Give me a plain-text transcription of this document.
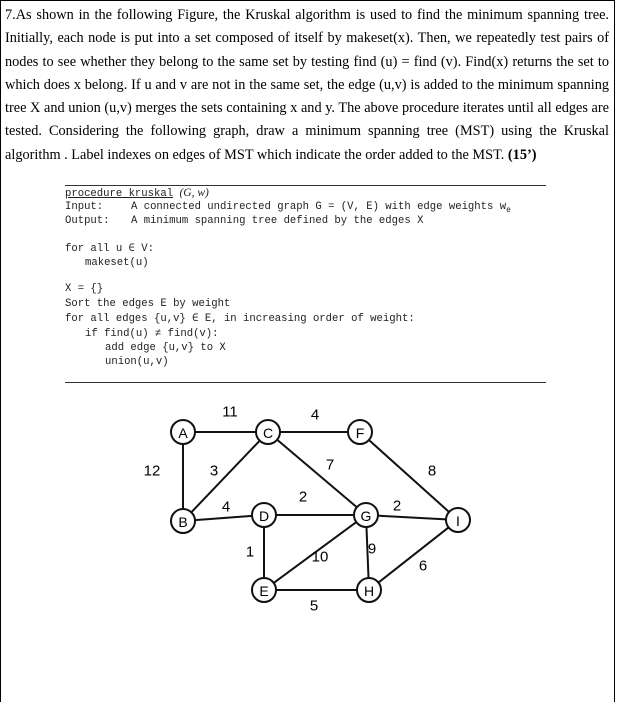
7.As shown in the following Figure, the Kruskal algorithm is used to find the minimum spanning tree. Initially, each node is put into a set composed of itself by makeset(x). Then, we repeatedly test pairs of nodes to see whether they belong to the same set by testing find (u) = find (v). Find(x) returns the set to which does x belong. If u and v are not in the same set, the edge (u,v) is added to the minimum spanning tree X and union (u,v) merges the sets containing x and y. The above procedure iterates until all edges are tested. Considering the following graph, draw a minimum spanning tree (MST) using the Kruskal algorithm . Label indexes on edges of MST which indicate the order added to the MST. (15’)
procedure kruskal (G, w)
Input:	A connected undirected graph G = (V, E) with edge weights $w_e$
Output: A minimum spanning tree defined by the edges X
for all u ∈ V:
makeset(u)
X = {}
Sort the edges E by weight
for all edges {u,v} ∈ E, in increasing order of weight:
if find(u) ≠ find(v):
add edge {u,v} to X
union(u,v)
11	4
12	3	7	8
4
2
2
1	10	9
6
5
A
B
C
D
E
F
G
H
I
